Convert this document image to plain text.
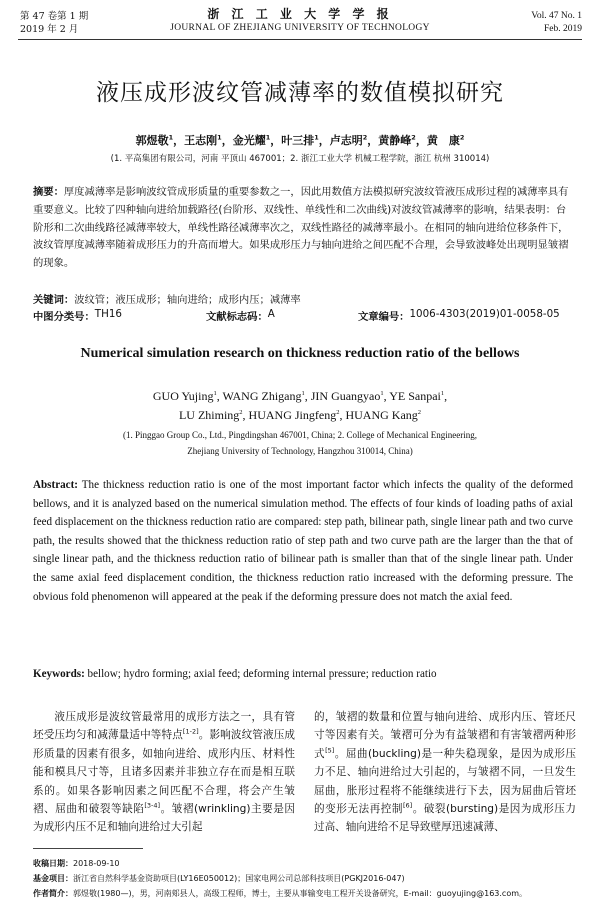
第 47 卷第 1 期
2019 年 2 月
浙 江 工 业 大 学 学 报
JOURNAL OF ZHEJIANG UNIVERSITY OF TECHNOLOGY
Vol. 47 No. 1
Feb. 2019
液压成形波纹管减薄率的数值模拟研究
郭煜敬$^1$，王志刚$^1$，金光耀$^1$，叶三排$^1$，卢志明$^2$，黄静峰$^2$，黄　康$^2$
(1. 平高集团有限公司，河南 平顶山 467001；2. 浙江工业大学 机械工程学院，浙江 杭州 310014)
摘要：厚度减薄率是影响波纹管成形质量的重要参数之一，因此用数值方法模拟研究波纹管液压成形过程的减薄率具有重要意义。比较了四种轴向进给加载路径(台阶形、双线性、单线性和二次曲线)对波纹管减薄率的影响，结果表明：台阶形和二次曲线路径减薄率较大，单线性路径减薄率次之，双线性路径的减薄率最小。在相同的轴向进给位移条件下，波纹管厚度减薄率随着成形压力的升高而增大。如果成形压力与轴向进给之间匹配不合理，会导致波峰处出现明显皱褶的现象。
关键词：波纹管；液压成形；轴向进给；成形内压；减薄率
中图分类号： TH16	文献标志码： A	文章编号： 1006-4303(2019)01-0058-05
Numerical simulation research on thickness reduction ratio of the bellows
GUO Yujing$^1$, WANG Zhigang$^1$, JIN Guangyao$^1$, YE Sanpai$^1$,
LU Zhiming$^2$, HUANG Jingfeng$^2$, HUANG Kang$^2$
(1. Pinggao Group Co., Ltd., Pingdingshan 467001, China; 2. College of Mechanical Engineering,
Zhejiang University of Technology, Hangzhou 310014, China)
Abstract: The thickness reduction ratio is one of the most important factor which infects the quality of the deformed bellows, and it is analyzed based on the numerical simulation method. The effects of four kinds of loading paths of axial feed displacement on the thickness reduction ratio are compared: step path, bilinear path, single linear path and two curve path, the results showed that the thickness reduction ratio of step path and two curve path are the larger than the that of single linear path, and the thickness reduction ratio of bilinear path is smaller than that of the single linear path. Under the same axial feed displacement condition, the thickness reduction ratio increased with the deforming pressure. The obvious fold phenomenon will appeared at the peak if the deforming pressure does not match the axial feed.
Keywords: bellow; hydro forming; axial feed; deforming internal pressure; reduction ratio
液压成形是波纹管最常用的成形方法之一，具有管坯受压均匀和减薄量适中等特点[1-2]。影响波纹管液压成形质量的因素有很多，如轴向进给、成形内压、材料性能和模具尺寸等，且诸多因素并非独立存在而是相互联系的。如果各影响因素之间匹配不合理，将会产生皱褶、屈曲和破裂等缺陷[3-4]。皱褶(wrinkling)主要是因为成形内压不足和轴向进给过大引起
的，皱褶的数量和位置与轴向进给、成形内压、管坯尺寸等因素有关。皱褶可分为有益皱褶和有害皱褶两种形式[5]。屈曲(buckling)是一种失稳现象，是因为成形压力不足、轴向进给过大引起的，与皱褶不同，一旦发生屈曲，胀形过程将不能继续进行下去，因为屈曲后管坯的变形无法再控制[6]。破裂(bursting)是因为成形压力过高、轴向进给不足导致壁厚迅速减薄、
收稿日期：2018-09-10
基金项目：浙江省自然科学基金资助项目(LY16E050012)；国家电网公司总部科技项目(PGKJ2016-047)
作者简介：郭煜敬(1980—)，男，河南郏县人，高级工程师，博士，主要从事输变电工程开关设备研究，E-mail：guoyujing@163.com。
